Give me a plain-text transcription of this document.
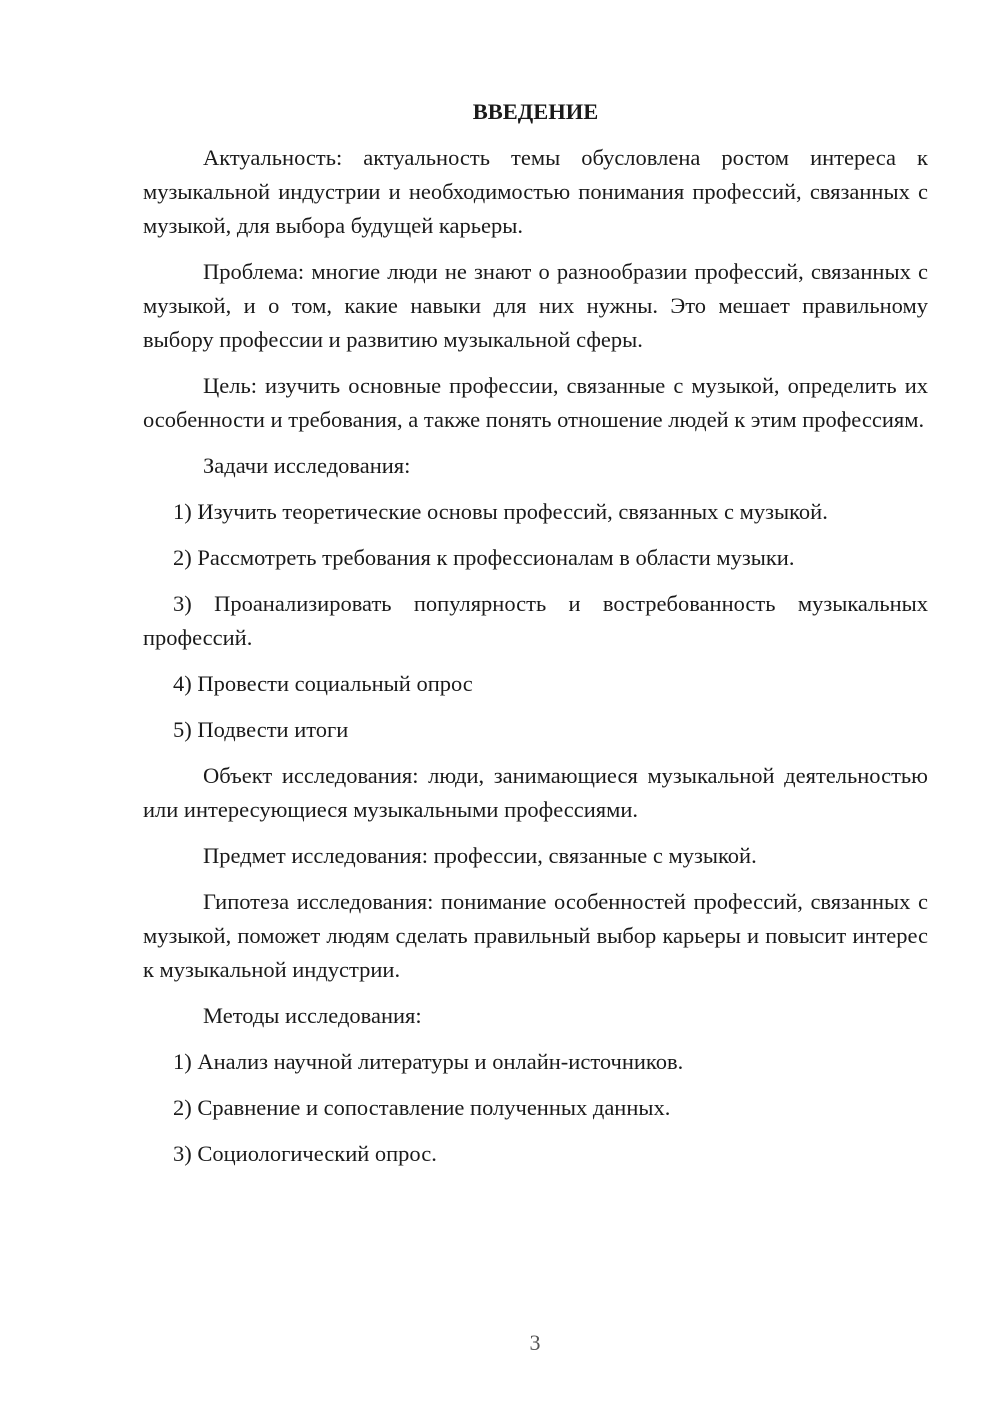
ВВЕДЕНИЕ

Актуальность: актуальность темы обусловлена ростом интереса к музыкальной индустрии и необходимостью понимания профессий, связанных с музыкой, для выбора будущей карьеры.

Проблема: многие люди не знают о разнообразии профессий, связанных с музыкой, и о том, какие навыки для них нужны. Это мешает правильному выбору профессии и развитию музыкальной сферы.

Цель: изучить основные профессии, связанные с музыкой, определить их особенности и требования, а также понять отношение людей к этим профессиям.

Задачи исследования:

1) Изучить теоретические основы профессий, связанных с музыкой.

2) Рассмотреть требования к профессионалам в области музыки.

3) Проанализировать популярность и востребованность музыкальных профессий.

4) Провести социальный опрос

5) Подвести итоги

Объект исследования: люди, занимающиеся музыкальной деятельностью или интересующиеся музыкальными профессиями.

Предмет исследования: профессии, связанные с музыкой.

Гипотеза исследования: понимание особенностей профессий, связанных с музыкой, поможет людям сделать правильный выбор карьеры и повысит интерес к музыкальной индустрии.

Методы исследования:

1) Анализ научной литературы и онлайн-источников.

2) Сравнение и сопоставление полученных данных.

3) Социологический опрос.

3
